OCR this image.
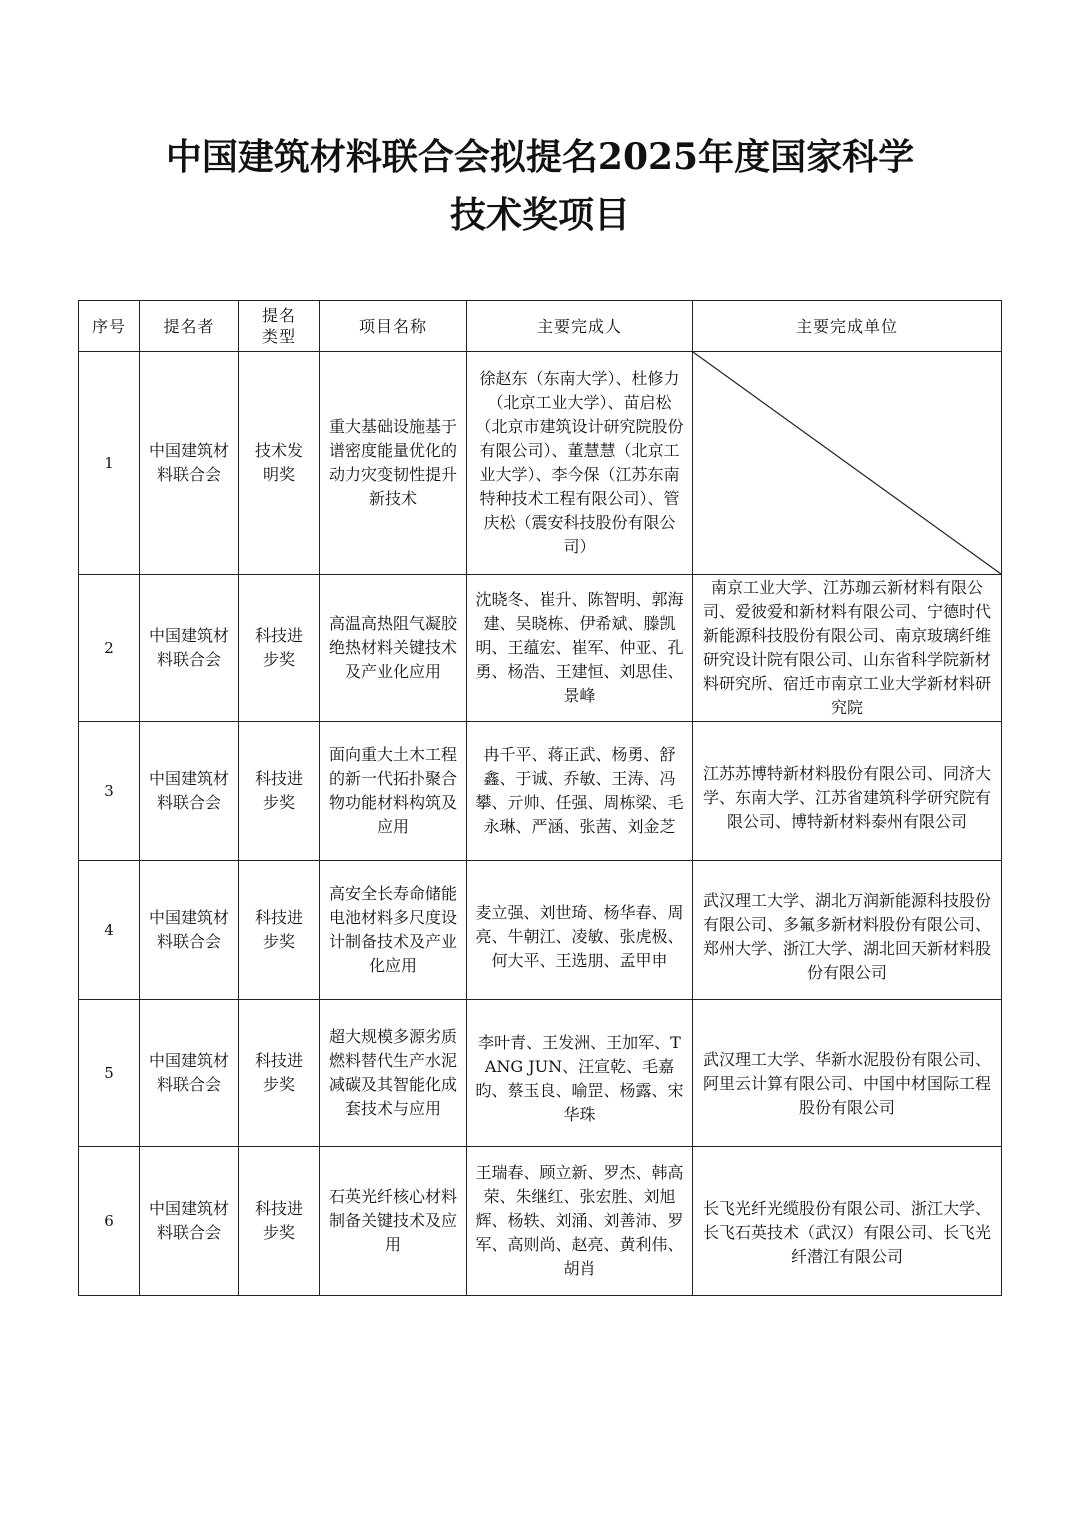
中国建筑材料联合会拟提名2025年度国家科学
技术奖项目
序号	提名者	提名类型	项目名称	主要完成人	主要完成单位
1	中国建筑材料联合会	技术发明奖	重大基础设施基于谱密度能量优化的动力灾变韧性提升新技术	徐赵东（东南大学）、杜修力（北京工业大学）、苗启松（北京市建筑设计研究院股份有限公司）、董慧慧（北京工业大学）、李今保（江苏东南特种技术工程有限公司）、管庆松（震安科技股份有限公司）	

2	中国建筑材料联合会	科技进步奖	高温高热阻气凝胶绝热材料关键技术及产业化应用	沈晓冬、崔升、陈智明、郭海建、吴晓栋、伊希斌、滕凯明、王蕴宏、崔军、仲亚、孔勇、杨浩、王建恒、刘思佳、景峰	南京工业大学、江苏珈云新材料有限公司、爱彼爱和新材料有限公司、宁德时代新能源科技股份有限公司、南京玻璃纤维研究设计院有限公司、山东省科学院新材料研究所、宿迁市南京工业大学新材料研究院
3	中国建筑材料联合会	科技进步奖	面向重大土木工程的新一代拓扑聚合物功能材料构筑及应用	冉千平、蒋正武、杨勇、舒鑫、于诚、乔敏、王涛、冯攀、亓帅、任强、周栋梁、毛永琳、严涵、张茜、刘金芝	江苏苏博特新材料股份有限公司、同济大学、东南大学、江苏省建筑科学研究院有限公司、博特新材料泰州有限公司
4	中国建筑材料联合会	科技进步奖	高安全长寿命储能电池材料多尺度设计制备技术及产业化应用	麦立强、刘世琦、杨华春、周亮、牛朝江、凌敏、张虎极、何大平、王选朋、孟甲申	武汉理工大学、湖北万润新能源科技股份有限公司、多氟多新材料股份有限公司、郑州大学、浙江大学、湖北回天新材料股份有限公司
5	中国建筑材料联合会	科技进步奖	超大规模多源劣质燃料替代生产水泥减碳及其智能化成套技术与应用	李叶青、王发洲、王加军、TANG JUN、汪宣乾、毛嘉昀、蔡玉良、喻罡、杨露、宋华珠	武汉理工大学、华新水泥股份有限公司、阿里云计算有限公司、中国中材国际工程股份有限公司
6	中国建筑材料联合会	科技进步奖	石英光纤核心材料制备关键技术及应用	王瑞春、顾立新、罗杰、韩高荣、朱继红、张宏胜、刘旭辉、杨轶、刘涌、刘善沛、罗军、高则尚、赵亮、黄利伟、胡肖	长飞光纤光缆股份有限公司、浙江大学、长飞石英技术（武汉）有限公司、长飞光纤潜江有限公司
